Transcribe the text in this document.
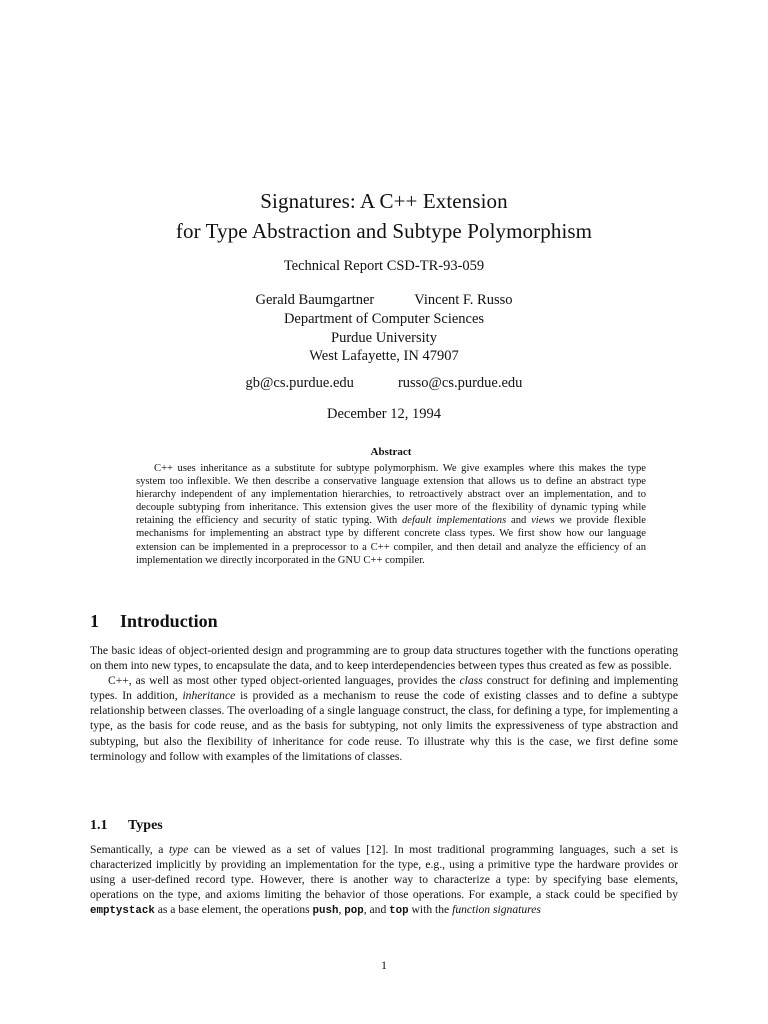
Signatures: A C++ Extension
for Type Abstraction and Subtype Polymorphism
Technical Report CSD-TR-93-059
Gerald Baumgartner	Vincent F. Russo
Department of Computer Sciences
Purdue University
West Lafayette, IN 47907
gb@cs.purdue.edu	russo@cs.purdue.edu
December 12, 1994
Abstract

C++ uses inheritance as a substitute for subtype polymorphism. We give examples where this makes the type system too inflexible. We then describe a conservative language extension that allows us to define an abstract type hierarchy independent of any implementation hierarchies, to retroactively abstract over an implementation, and to decouple subtyping from inheritance. This extension gives the user more of the flexibility of dynamic typing while retaining the efficiency and security of static typing. With default implementations and views we provide flexible mechanisms for implementing an abstract type by different concrete class types. We first show how our language extension can be implemented in a preprocessor to a C++ compiler, and then detail and analyze the efficiency of an implementation we directly incorporated in the GNU C++ compiler.

1 Introduction

The basic ideas of object-oriented design and programming are to group data structures together with the functions operating on them into new types, to encapsulate the data, and to keep interdependencies between types thus created as few as possible.

C++, as well as most other typed object-oriented languages, provides the class construct for defining and implementing types. In addition, inheritance is provided as a mechanism to reuse the code of existing classes and to define a subtype relationship between classes. The overloading of a single language construct, the class, for defining a type, for implementing a type, as the basis for code reuse, and as the basis for subtyping, not only limits the expressiveness of type abstraction and subtyping, but also the flexibility of inheritance for code reuse. To illustrate why this is the case, we first define some terminology and follow with examples of the limitations of classes.

1.1 Types

Semantically, a type can be viewed as a set of values [12]. In most traditional programming languages, such a set is characterized implicitly by providing an implementation for the type, e.g., using a primitive type the hardware provides or using a user-defined record type. However, there is another way to characterize a type: by specifying base elements, operations on the type, and axioms limiting the behavior of those operations. For example, a stack could be specified by emptystack as a base element, the operations push, pop, and top with the function signatures

1
